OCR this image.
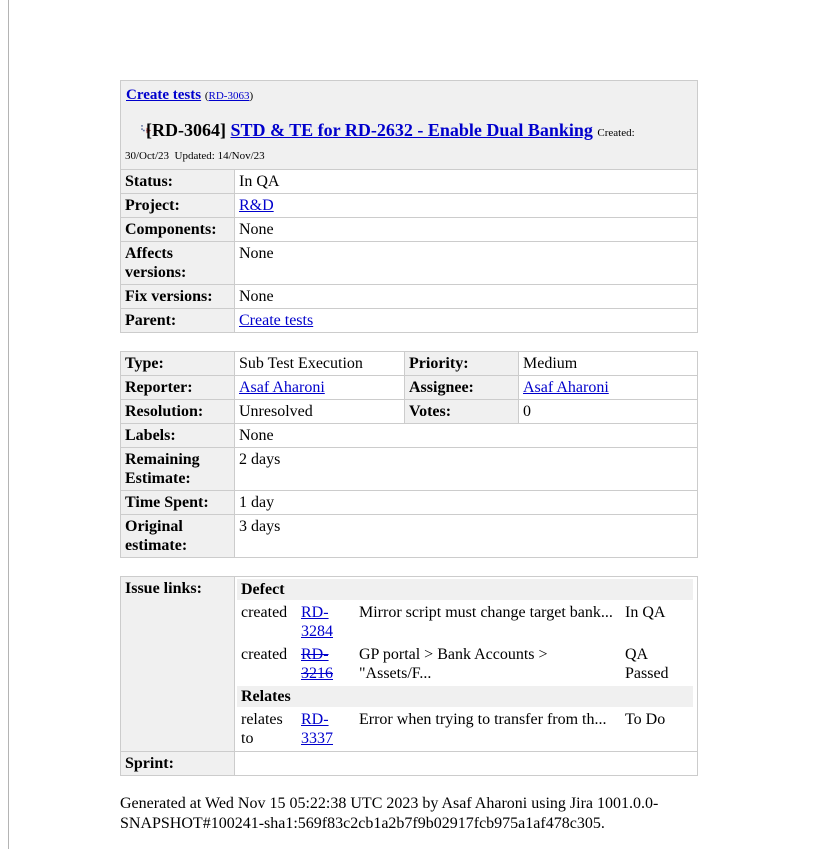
Create tests (RD-3063)
[RD-3064] STD & TE for RD-2632 - Enable Dual Banking Created:
30/Oct/23 Updated: 14/Nov/23
Status:	In QA
Project:	R&D
Components:	None
Affects versions:	None
Fix versions:	None
Parent:	Create tests
Type:	Sub Test Execution	Priority:	Medium
Reporter:	Asaf Aharoni	Assignee:	Asaf Aharoni
Resolution:	Unresolved	Votes:	0
Labels:	None		
Remaining Estimate:	2 days		
Time Spent:	1 day		
Original estimate:	3 days		
Issue links:	Defect
created	RD-3284	Mirror script must change target bank...	In QA
created	RD-3216	GP portal > Bank Accounts > "Assets/F...	QA Passed
Relates
relates to	RD-3337	Error when trying to transfer from th...	To Do

Sprint:	
Generated at Wed Nov 15 05:22:38 UTC 2023 by Asaf Aharoni using Jira 1001.0.0-SNAPSHOT#100241-sha1:569f83c2cb1a2b7f9b02917fcb975a1af478c305.
